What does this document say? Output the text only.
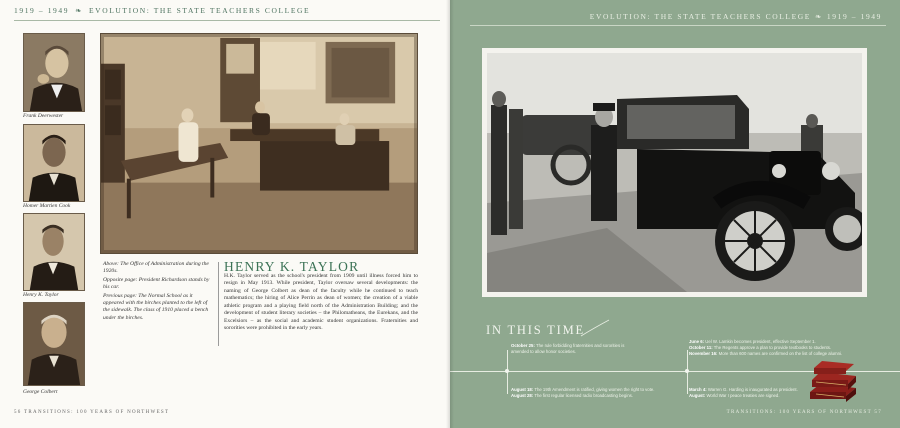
1919 – 1949 ❧ EVOLUTION: THE STATE TEACHERS COLLEGE
Frank Deerwester
Homer Martien Cook
Henry K. Taylor
George Colbert

Above: The Office of Administration during the 1920s.

Opposite page: President Richardson stands by his car.

Previous page: The Normal School as it appeared with the birches planted to the left of the sidewalk. The class of 1910 placed a bench under the birches.

HENRY K. TAYLOR
H.K. Taylor served as the school's president from 1909 until illness forced him to resign in May 1913. While president, Taylor oversaw several developments: the naming of George Colbert as dean of the faculty while he continued to teach mathematics; the hiring of Alice Perrin as dean of women; the creation of a viable athletic program and a playing field north of the Administration Building; and the development of student literary societies – the Philomatheans, the Eurekans, and the Excelsiors – as the social and academic student organizations. Fraternities and sororities were prohibited in the early years.
56 TRANSITIONS: 100 YEARS OF NORTHWEST
EVOLUTION: THE STATE TEACHERS COLLEGE ❧ 1919 – 1949
IN THIS TIME
October 25: The rule forbidding fraternities and sororities is amended to allow honor societies.
August 18: The 19th Amendment is ratified, giving women the right to vote.
August 28: The first regular licensed radio broadcasting begins.
June 6: Uel W. Lamkin becomes president, effective September 1.
October 11: The Regents approve a plan to provide textbooks to students.
November 16: More than 600 names are confirmed on the list of college alumni.
March 4: Warren G. Harding is inaugurated as president.
August: World War I peace treaties are signed.
TRANSITIONS: 100 YEARS OF NORTHWEST 57
